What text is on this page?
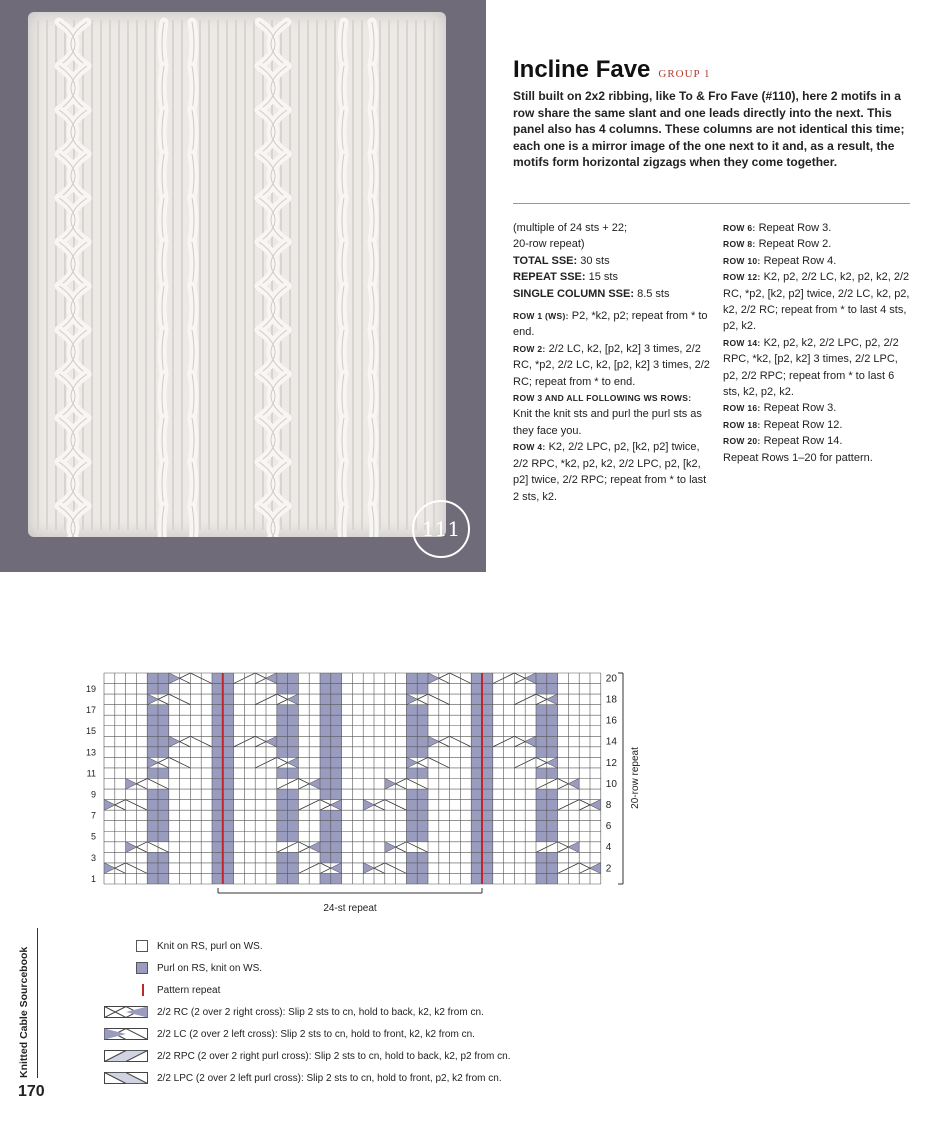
111
Incline Fave GROUP 1
Still built on 2x2 ribbing, like To & Fro Fave (#110), here 2 motifs in a row share the same slant and one leads directly into the next. This panel also has 4 columns. These columns are not identical this time; each one is a mirror image of the one next to it and, as a result, the motifs form horizontal zigzags when they come together.

(multiple of 24 sts + 22;

20-row repeat)

TOTAL SSE: 30 sts

REPEAT SSE: 15 sts

SINGLE COLUMN SSE: 8.5 sts

ROW 1 (WS): P2, *k2, p2; repeat from * to end.

ROW 2: 2/2 LC, k2, [p2, k2] 3 times, 2/2 RC, *p2, 2/2 LC, k2, [p2, k2] 3 times, 2/2 RC; repeat from * to end.

ROW 3 AND ALL FOLLOWING WS ROWS: Knit the knit sts and purl the purl sts as they face you.

ROW 4: K2, 2/2 LPC, p2, [k2, p2] twice, 2/2 RPC, *k2, p2, k2, 2/2 LPC, p2, [k2, p2] twice, 2/2 RPC; repeat from * to last 2 sts, k2.

ROW 6: Repeat Row 3.

ROW 8: Repeat Row 2.

ROW 10: Repeat Row 4.

ROW 12: K2, p2, 2/2 LC, k2, p2, k2, 2/2 RC, *p2, [k2, p2] twice, 2/2 LC, k2, p2, k2, 2/2 RC; repeat from * to last 4 sts, p2, k2.

ROW 14: K2, p2, k2, 2/2 LPC, p2, 2/2 RPC, *k2, [p2, k2] 3 times, 2/2 LPC, p2, 2/2 RPC; repeat from * to last 6 sts, k2, p2, k2.

ROW 16: Repeat Row 3.

ROW 18: Repeat Row 12.

ROW 20: Repeat Row 14.

Repeat Rows 1–20 for pattern.

19
17
15
13
11
9
7
5
3
1
20
18
16
14
12
10
8
6
4
2
20-row repeat
24-st repeat
Knit on RS, purl on WS.
Purl on RS, knit on WS.
Pattern repeat
2/2 RC (2 over 2 right cross): Slip 2 sts to cn, hold to back, k2, k2 from cn.
2/2 LC (2 over 2 left cross): Slip 2 sts to cn, hold to front, k2, k2 from cn.
2/2 RPC (2 over 2 right purl cross): Slip 2 sts to cn, hold to back, k2, p2 from cn.
2/2 LPC (2 over 2 left purl cross): Slip 2 sts to cn, hold to front, p2, k2 from cn.
Knitted Cable Sourcebook
170
